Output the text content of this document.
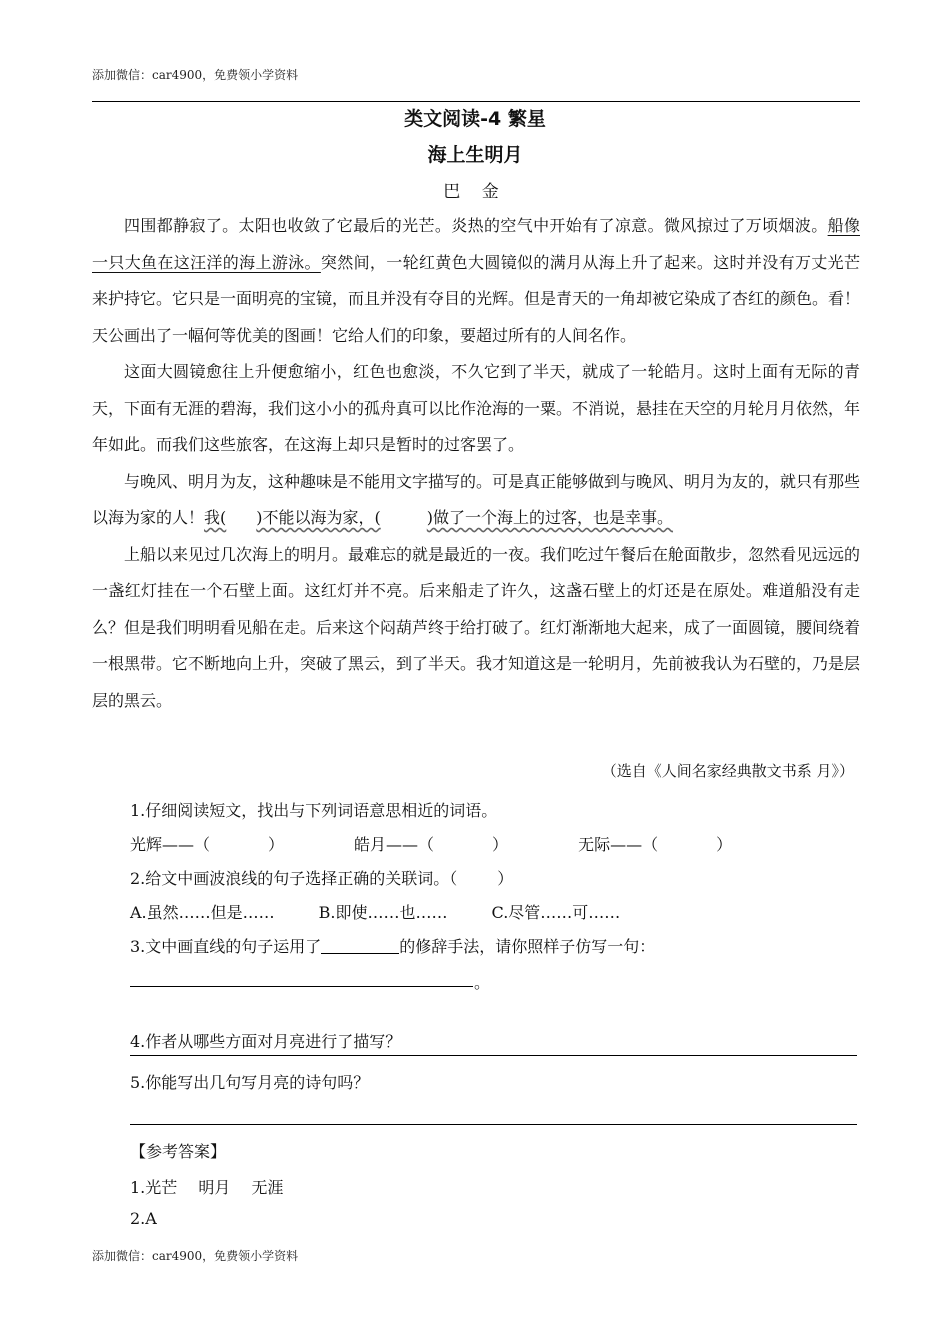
添加微信：car4900，免费领小学资料
类文阅读-4 繁星
海上生明月
巴 金

四围都静寂了。太阳也收敛了它最后的光芒。炎热的空气中开始有了凉意。微风掠过了万顷烟波。船像一只大鱼在这汪洋的海上游泳。突然间，一轮红黄色大圆镜似的满月从海上升了起来。这时并没有万丈光芒来护持它。它只是一面明亮的宝镜，而且并没有夺目的光辉。但是青天的一角却被它染成了杏红的颜色。看！天公画出了一幅何等优美的图画！它给人们的印象，要超过所有的人间名作。

这面大圆镜愈往上升便愈缩小，红色也愈淡，不久它到了半天，就成了一轮皓月。这时上面有无际的青天，下面有无涯的碧海，我们这小小的孤舟真可以比作沧海的一粟。不消说，悬挂在天空的月轮月月依然，年年如此。而我们这些旅客，在这海上却只是暂时的过客罢了。

与晚风、明月为友，这种趣味是不能用文字描写的。可是真正能够做到与晚风、明月为友的，就只有那些以海为家的人！我( )不能以海为家，(	)做了一个海上的过客，也是幸事。

上船以来见过几次海上的明月。最难忘的就是最近的一夜。我们吃过午餐后在舱面散步，忽然看见远远的一盏红灯挂在一个石壁上面。这红灯并不亮。后来船走了许久，这盏石壁上的灯还是在原处。难道船没有走么？但是我们明明看见船在走。后来这个闷葫芦终于给打破了。红灯渐渐地大起来，成了一面圆镜，腰间绕着一根黑带。它不断地向上升，突破了黑云，到了半天。我才知道这是一轮明月，先前被我认为石壁的，乃是层层的黑云。

（选自《人间名家经典散文书系 月》）
1.仔细阅读短文，找出与下列词语意思相近的词语。
光辉——（	）	皓月——（	）	无际——（	）
2.给文中画波浪线的句子选择正确的关联词。（	）
A.虽然……但是……	B.即使……也……	C.尽管……可……
3.文中画直线的句子运用了	的修辞手法，请你照样子仿写一句：
。
4.作者从哪些方面对月亮进行了描写？
5.你能写出几句写月亮的诗句吗？
【参考答案】
1.光芒　 明月　 无涯
2.A
添加微信：car4900，免费领小学资料
